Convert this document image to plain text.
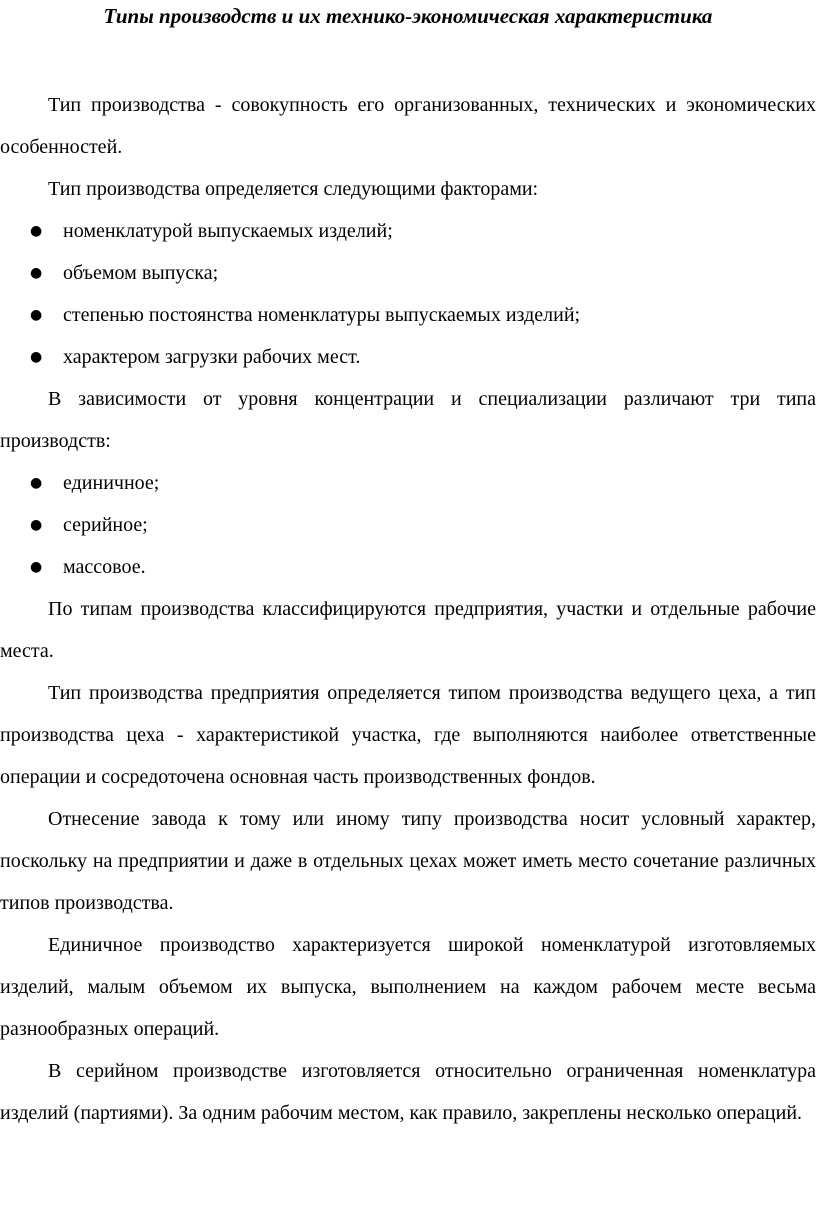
Типы производств и их технико-экономическая характеристика

Тип производства - совокупность его организованных, технических и экономических особенностей.

Тип производства определяется следующими факторами:

● номенклатурой выпускаемых изделий;
● объемом выпуска;
● степенью постоянства номенклатуры выпускаемых изделий;
● характером загрузки рабочих мест.

В зависимости от уровня концентрации и специализации различают три типа производств:

● единичное;
● серийное;
● массовое.

По типам производства классифицируются предприятия, участки и отдельные рабочие места.

Тип производства предприятия определяется типом производства ведущего цеха, а тип производства цеха - характеристикой участка, где выполняются наиболее ответственные операции и сосредоточена основная часть производственных фондов.

Отнесение завода к тому или иному типу производства носит условный характер, поскольку на предприятии и даже в отдельных цехах может иметь место сочетание различных типов производства.

Единичное производство характеризуется широкой номенклатурой изготовляемых изделий, малым объемом их выпуска, выполнением на каждом рабочем месте весьма разнообразных операций.

В серийном производстве изготовляется относительно ограниченная номенклатура изделий (партиями). За одним рабочим местом, как правило, закреплены несколько операций.
